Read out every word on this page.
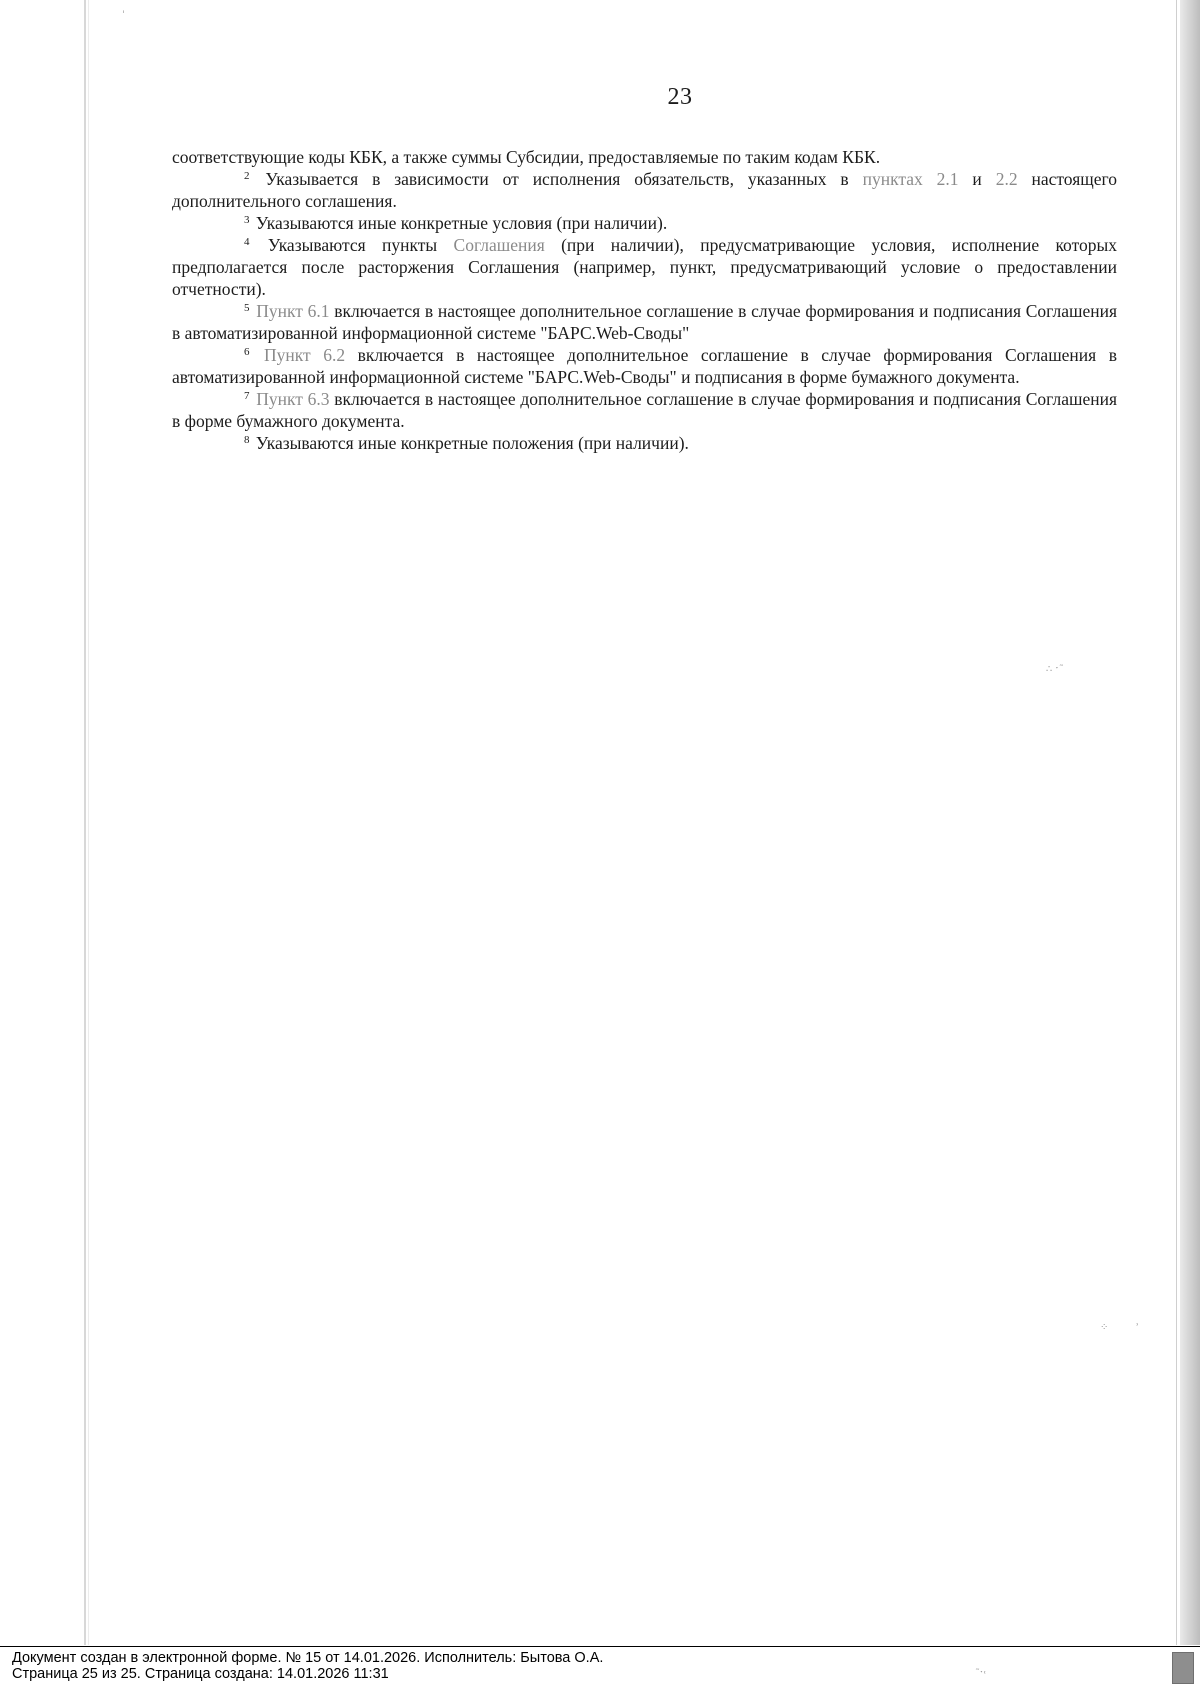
23

соответствующие коды КБК, а также суммы Субсидии, предоставляемые по таким кодам КБК.

$^2$ Указывается в зависимости от исполнения обязательств, указанных в пунктах 2.1 и 2.2 настоящего дополнительного соглашения.

$^3$ Указываются иные конкретные условия (при наличии).

$^4$ Указываются пункты Соглашения (при наличии), предусматривающие условия, исполнение которых предполагается после расторжения Соглашения (например, пункт, предусматривающий условие о предоставлении отчетности).

$^5$ Пункт 6.1 включается в настоящее дополнительное соглашение в случае формирования и подписания Соглашения в автоматизированной информационной системе "БАРС.Web-Своды"

$^6$ Пункт 6.2 включается в настоящее дополнительное соглашение в случае формирования Соглашения в автоматизированной информационной системе "БАРС.Web-Своды" и подписания в форме бумажного документа.

$^7$ Пункт 6.3 включается в настоящее дополнительное соглашение в случае формирования и подписания Соглашения в форме бумажного документа.

$^8$ Указываются иные конкретные положения (при наличии).

ˈ
∴ ˑ˜
⁘	˒
˜ˑ˓
Документ создан в электронной форме. № 15 от 14.01.2026. Исполнитель: Бытова О.А.
Страница 25 из 25. Страница создана: 14.01.2026 11:31
